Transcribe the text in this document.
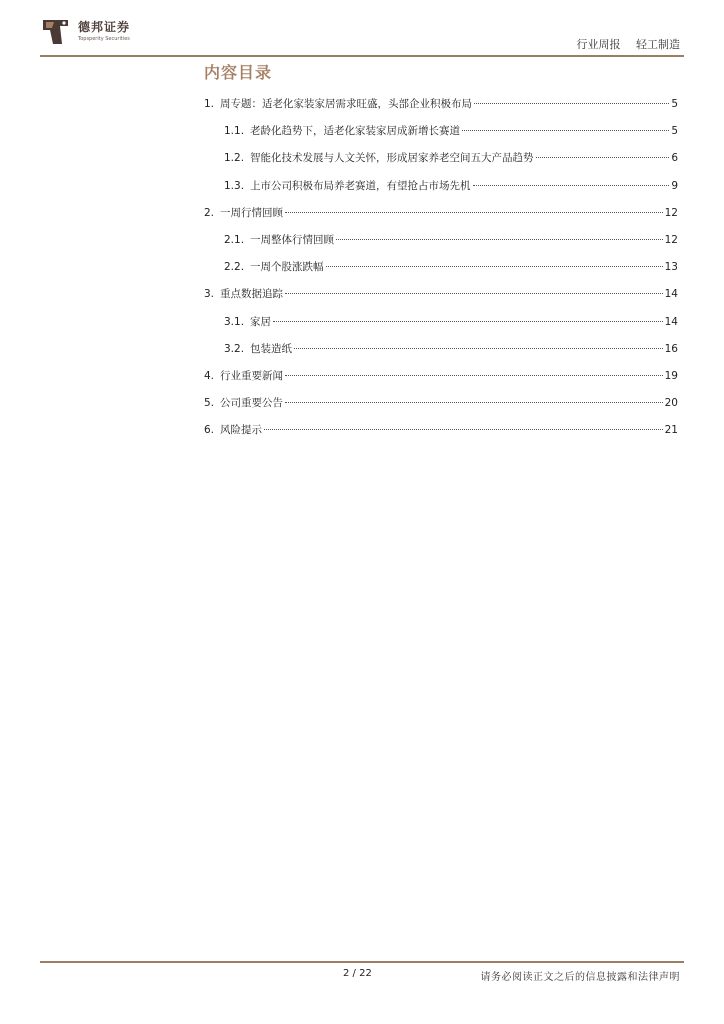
德邦证券
Topsperity Securities	行业周报 轻工制造
内容目录
1. 周专题：适老化家装家居需求旺盛，头部企业积极布局	5
1.1. 老龄化趋势下，适老化家装家居成新增长赛道	5
1.2. 智能化技术发展与人文关怀，形成居家养老空间五大产品趋势	6
1.3. 上市公司积极布局养老赛道，有望抢占市场先机	9
2. 一周行情回顾	12
2.1. 一周整体行情回顾	12
2.2. 一周个股涨跌幅	13
3. 重点数据追踪	14
3.1. 家居	14
3.2. 包装造纸	16
4. 行业重要新闻	19
5. 公司重要公告	20
6. 风险提示	21
2 / 22	请务必阅读正文之后的信息披露和法律声明
